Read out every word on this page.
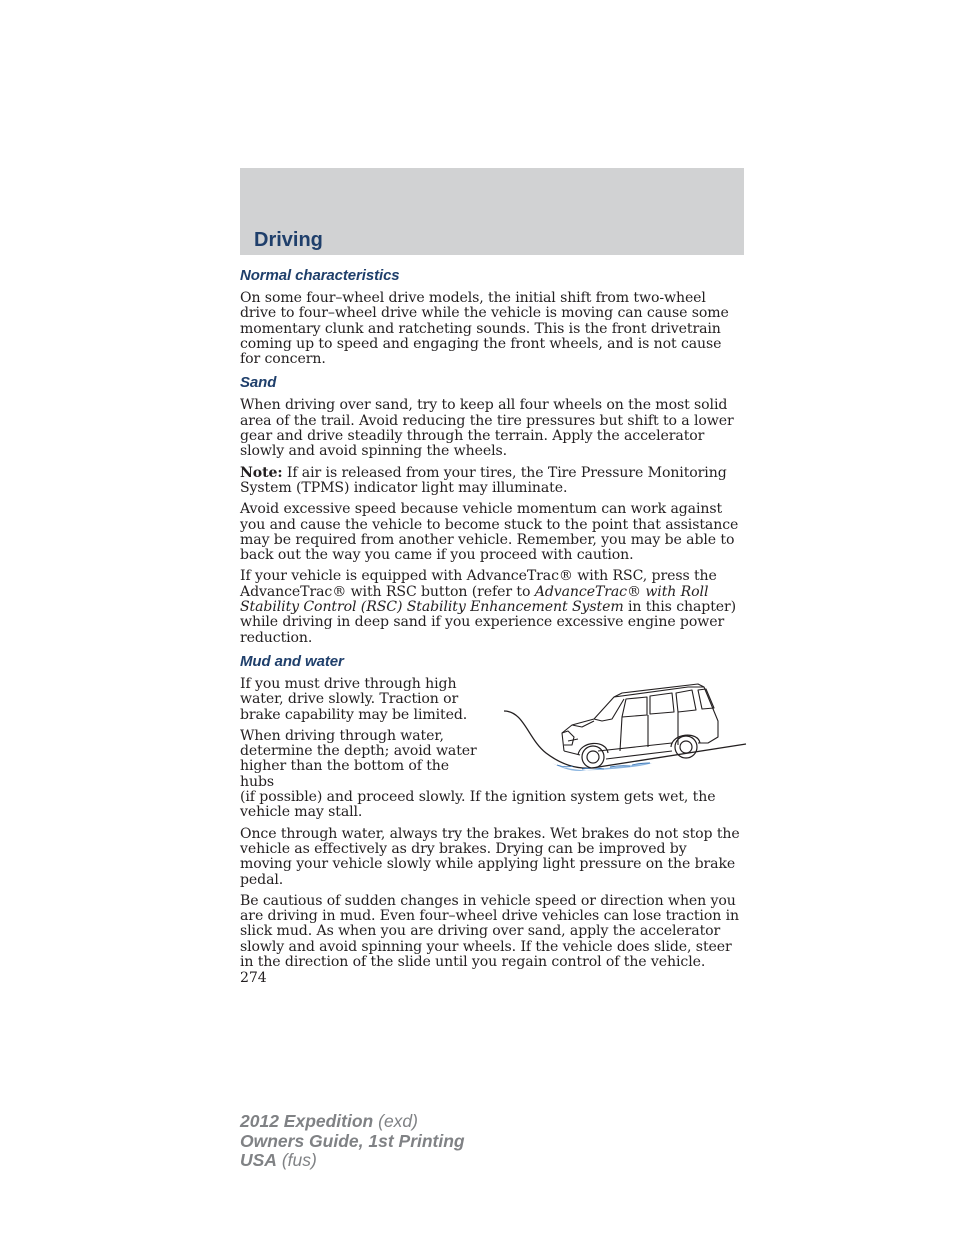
Driving
Normal characteristics

On some four–wheel drive models, the initial shift from two-wheel drive to four–wheel drive while the vehicle is moving can cause some momentary clunk and ratcheting sounds. This is the front drivetrain coming up to speed and engaging the front wheels, and is not cause for concern.

Sand

When driving over sand, try to keep all four wheels on the most solid area of the trail. Avoid reducing the tire pressures but shift to a lower gear and drive steadily through the terrain. Apply the accelerator slowly and avoid spinning the wheels.

Note: If air is released from your tires, the Tire Pressure Monitoring System (TPMS) indicator light may illuminate.

Avoid excessive speed because vehicle momentum can work against you and cause the vehicle to become stuck to the point that assistance may be required from another vehicle. Remember, you may be able to back out the way you came if you proceed with caution.

If your vehicle is equipped with AdvanceTrac® with RSC, press the AdvanceTrac® with RSC button (refer to AdvanceTrac® with Roll Stability Control (RSC) Stability Enhancement System in this chapter) while driving in deep sand if you experience excessive engine power reduction.

Mud and water

If you must drive through high water, drive slowly. Traction or brake capability may be limited.

When driving through water, determine the depth; avoid water higher than the bottom of the hubs
(if possible) and proceed slowly. If the ignition system gets wet, the vehicle may stall.

Once through water, always try the brakes. Wet brakes do not stop the vehicle as effectively as dry brakes. Drying can be improved by moving your vehicle slowly while applying light pressure on the brake pedal.

Be cautious of sudden changes in vehicle speed or direction when you are driving in mud. Even four–wheel drive vehicles can lose traction in slick mud. As when you are driving over sand, apply the accelerator slowly and avoid spinning your wheels. If the vehicle does slide, steer in the direction of the slide until you regain control of the vehicle.

274
2012 Expedition (exd)
Owners Guide, 1st Printing
USA (fus)
